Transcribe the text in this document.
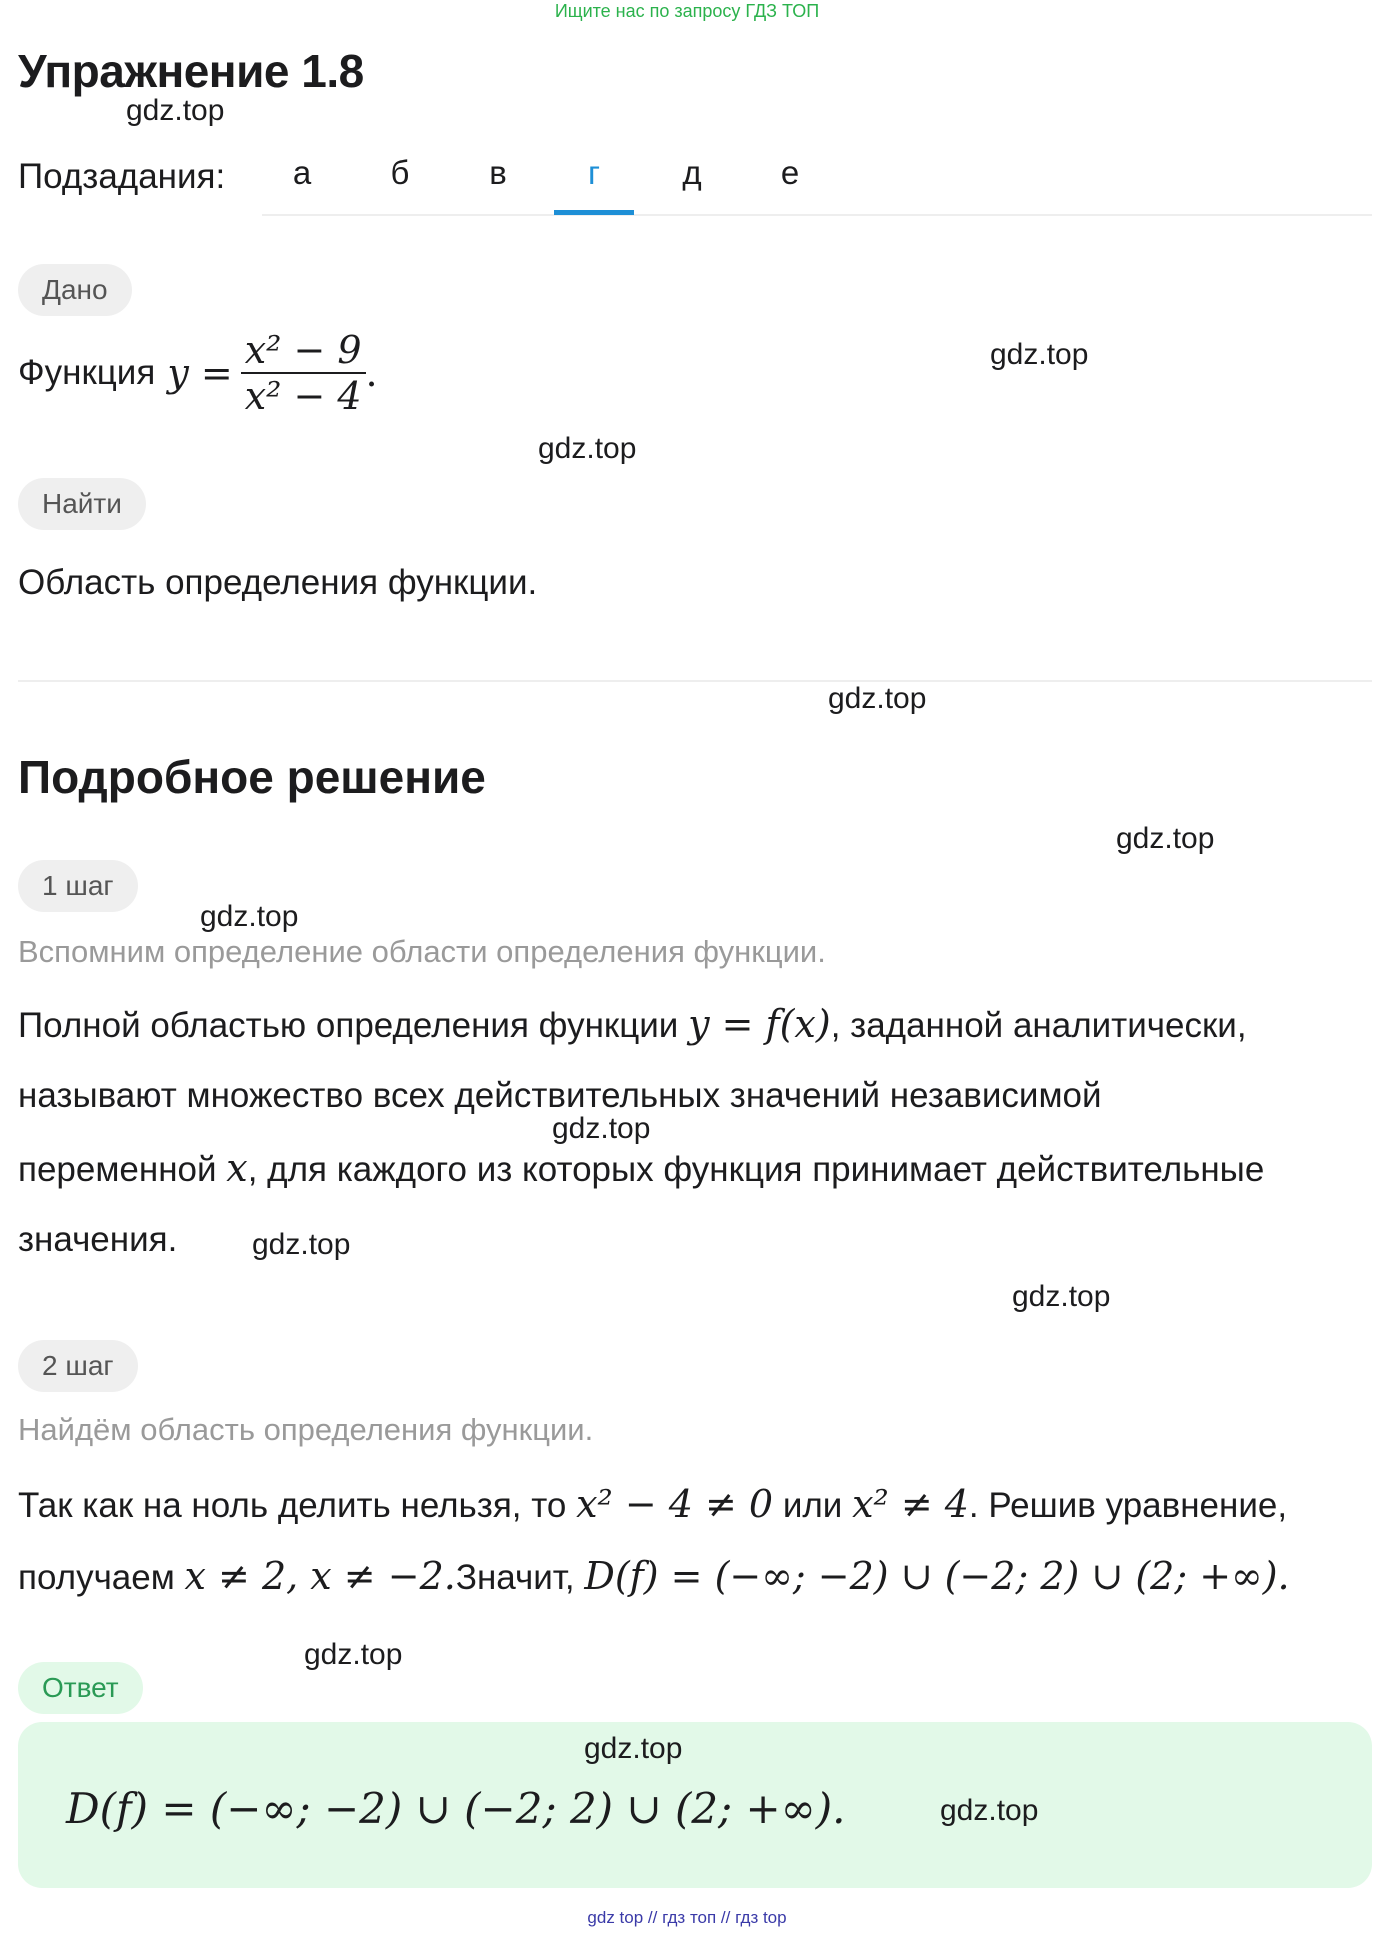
Ищите нас по запросу ГДЗ ТОП
Упражнение 1.8
gdz.top
Подзадания:	а	б	в	г	д	е
Дано
Функция $y = \frac{\text{x² − 9}}{\text{x² − 4}}$ .	gdz.top
gdz.top
Найти
Область определения функции.
gdz.top
Подробное решение
gdz.top
1 шаг
gdz.top
Вспомним определение области определения функции.
Полной областью определения функции y = f(x), заданной аналитически,
называют множество всех действительных значений независимой
gdz.top
переменной x, для каждого из которых функция принимает действительные
значения. gdz.top
gdz.top
2 шаг
Найдём область определения функции.
Так как на ноль делить нельзя, то x² − 4 ≠ 0 или x² ≠ 4. Решив уравнение,
получаем x ≠ 2, x ≠ −2.Значит, D(f) = (−∞; −2) ∪ (−2; 2) ∪ (2; +∞).
gdz.top
Ответ
gdz.top
D(f) = (−∞; −2) ∪ (−2; 2) ∪ (2; +∞).	gdz.top
gdz top // гдз топ // гдз top
